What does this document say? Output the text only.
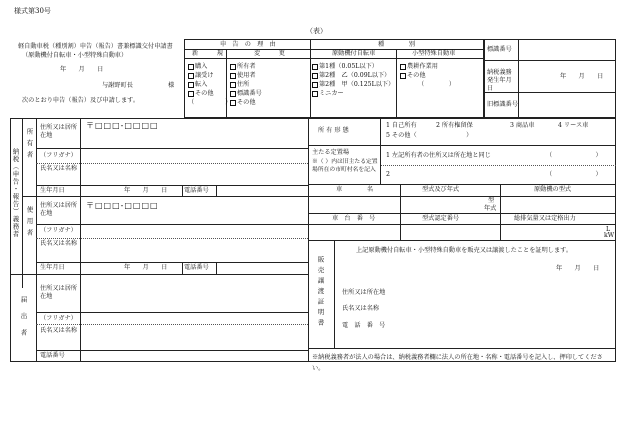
様式第30号
（表）
軽自動車税（種別割）申告（報告）書兼標識交付申請書
（原動機付自転車・小型特殊自動車）
年　　月　　日
与謝野町長	様
次のとおり申告（報告）及び申請します。
申　告　の　理　由
新　　　規	変　　　更
種　　　　別
原動機付自転車	小型特殊自動車
購入
譲受け
転入
その他
（　　　　　）
所有者
使用者
住所
標識番号
その他
第1種（0.05L以下）
第2種　乙（0.09L以下）
第2種　甲（0.125L以下）
ミニカー
農耕作業用
その他
（　　　　）
標識番号
納税義務発生年月日
年　　月　　日
旧標識番号
納税（申告・報告）義務者
所有者
使用者
届出者
住所又は居所在地
〒□□□-□□□□
（フリガナ）
氏名又は名称
生年月日	年　　月　　日	電話番号
住所又は居所在地
〒□□□-□□□□
（フリガナ）
氏名又は名称
生年月日	年　　月　　日	電話番号
住所又は居所在地
（フリガナ）
氏名又は名称
電話番号
所有形態
1 自己所有	2 所有権留保	3 商品車	4 リース車
5 その他（　　　　　　　　）
主たる定置場
※（ ）内は旧主たる定置場所在の市町村名を記入
1 左記所有者の住所又は所在地と同じ	（　　　　　　　）
2	（　　　　　　　）
車　　　　名	型式及び年式	原動機の型式
型
年式
車　台　番　号	型式認定番号	総排気量又は定格出力
L
kW
販売譲渡証明書
上記原動機付自転車・小型特殊自動車を販売又は譲渡したことを証明します。
年　　月　　日
住所又は所在地
氏名又は名称
電　話　番　号
※納税義務者が法人の場合は、納税義務者欄に法人の所在地・名称・電話番号を記入し、押印してください。
